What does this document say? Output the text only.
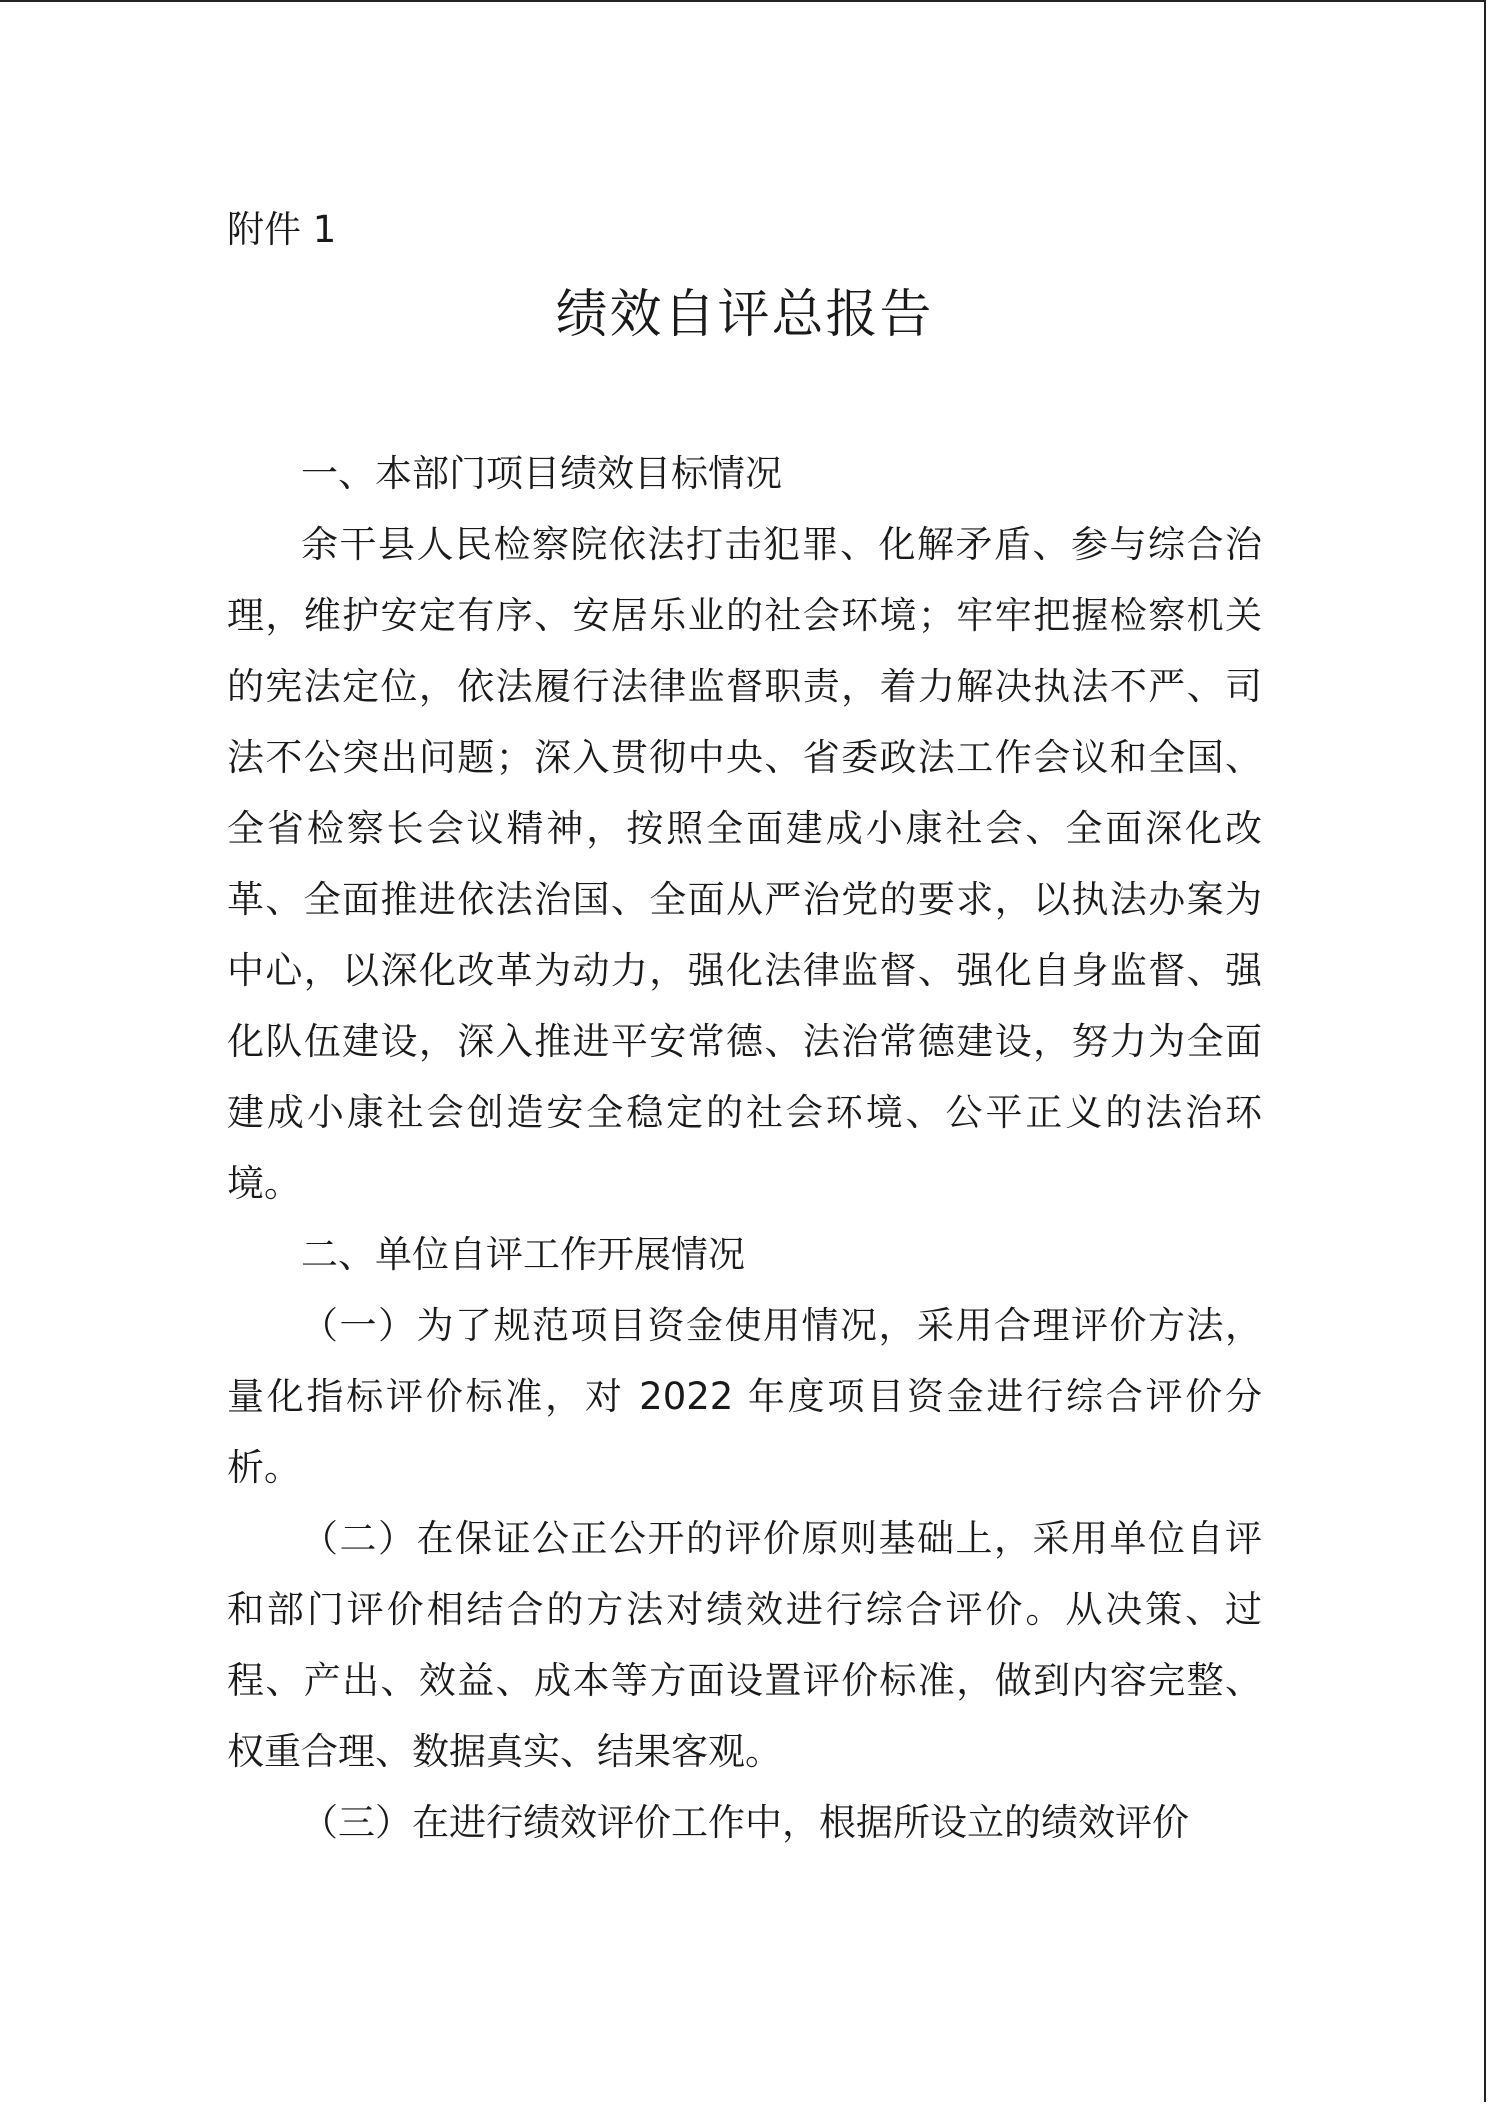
附件 1

绩效自评总报告

一、本部门项目绩效目标情况

余干县人民检察院依法打击犯罪、化解矛盾、参与综合治理，维护安定有序、安居乐业的社会环境；牢牢把握检察机关的宪法定位，依法履行法律监督职责，着力解决执法不严、司法不公突出问题；深入贯彻中央、省委政法工作会议和全国、全省检察长会议精神，按照全面建成小康社会、全面深化改革、全面推进依法治国、全面从严治党的要求，以执法办案为中心，以深化改革为动力，强化法律监督、强化自身监督、强化队伍建设，深入推进平安常德、法治常德建设，努力为全面建成小康社会创造安全稳定的社会环境、公平正义的法治环境。

二、单位自评工作开展情况

（一）为了规范项目资金使用情况，采用合理评价方法，量化指标评价标准，对 2022 年度项目资金进行综合评价分析。

（二）在保证公正公开的评价原则基础上，采用单位自评和部门评价相结合的方法对绩效进行综合评价。从决策、过程、产出、效益、成本等方面设置评价标准，做到内容完整、权重合理、数据真实、结果客观。

（三）在进行绩效评价工作中，根据所设立的绩效评价
